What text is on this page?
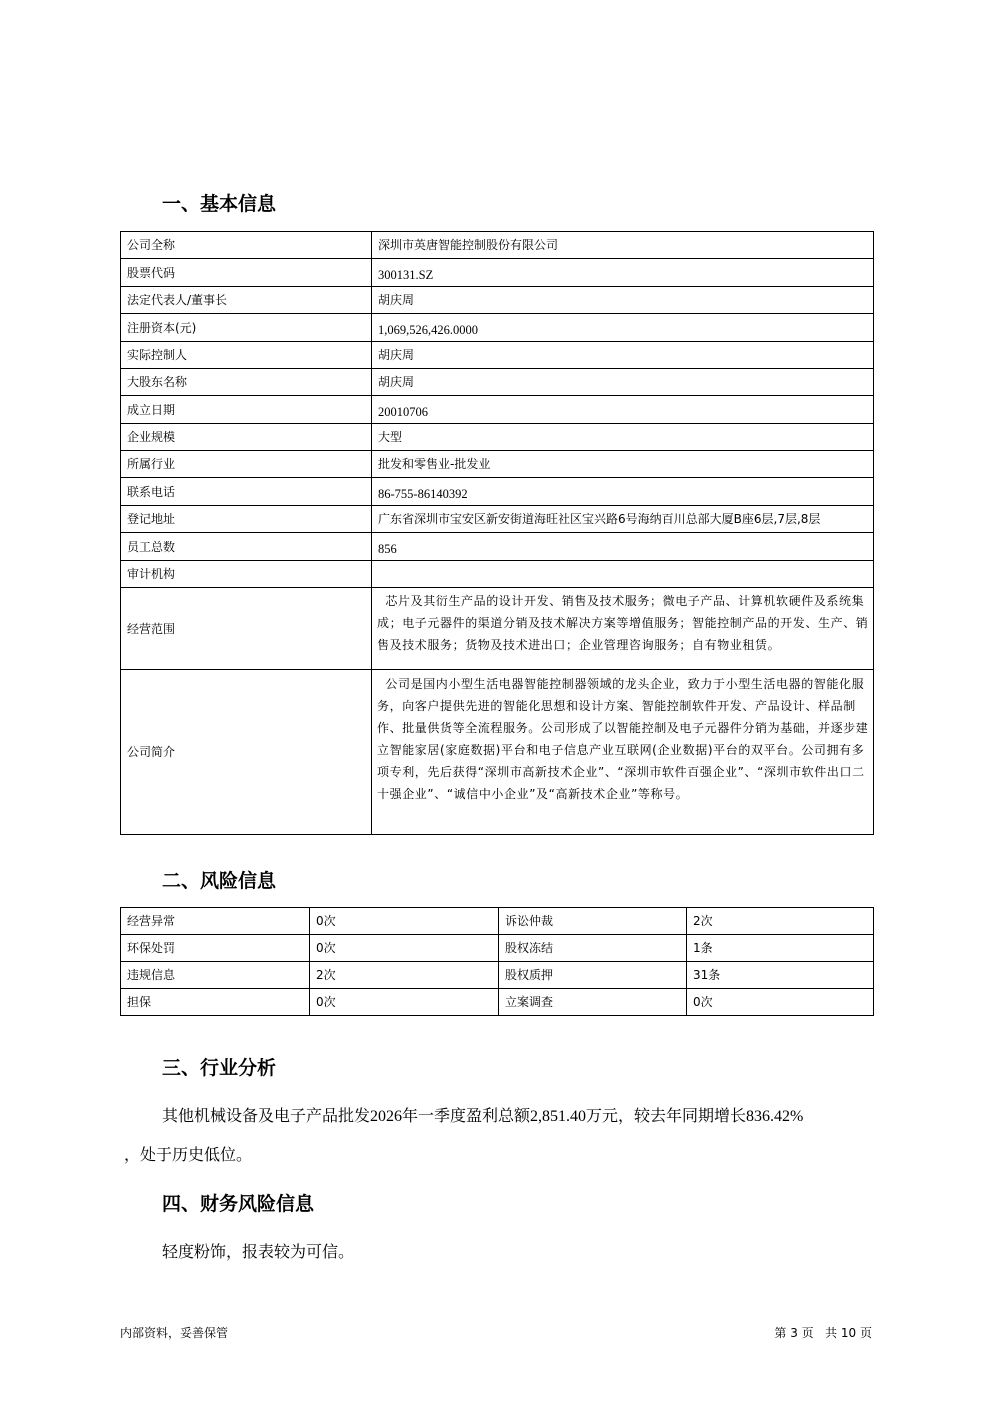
一、基本信息
公司全称	深圳市英唐智能控制股份有限公司
股票代码	300131.SZ
法定代表人/董事长	胡庆周
注册资本(元)	1,069,526,426.0000
实际控制人	胡庆周
大股东名称	胡庆周
成立日期	20010706
企业规模	大型
所属行业	批发和零售业-批发业
联系电话	86-755-86140392
登记地址	广东省深圳市宝安区新安街道海旺社区宝兴路6号海纳百川总部大厦B座6层,7层,8层
员工总数	856
审计机构	
经营范围	芯片及其衍生产品的设计开发、销售及技术服务；微电子产品、计算机软硬件及系统集成；电子元器件的渠道分销及技术解决方案等增值服务；智能控制产品的开发、生产、销售及技术服务；货物及技术进出口；企业管理咨询服务；自有物业租赁。
公司简介	公司是国内小型生活电器智能控制器领域的龙头企业，致力于小型生活电器的智能化服务，向客户提供先进的智能化思想和设计方案、智能控制软件开发、产品设计、样品制作、批量供货等全流程服务。公司形成了以智能控制及电子元器件分销为基础，并逐步建立智能家居(家庭数据)平台和电子信息产业互联网(企业数据)平台的双平台。公司拥有多项专利，先后获得“深圳市高新技术企业”、“深圳市软件百强企业”、“深圳市软件出口二十强企业”、“诚信中小企业”及“高新技术企业”等称号。
二、风险信息
经营异常	0次	诉讼仲裁	2次
环保处罚	0次	股权冻结	1条
违规信息	2次	股权质押	31条
担保	0次	立案调查	0次
三、行业分析

其他机械设备及电子产品批发2026年一季度盈利总额2,851.40万元，较去年同期增长836.42%

，处于历史低位。

四、财务风险信息

轻度粉饰，报表较为可信。

内部资料，妥善保管	第 3 页   共 10 页
